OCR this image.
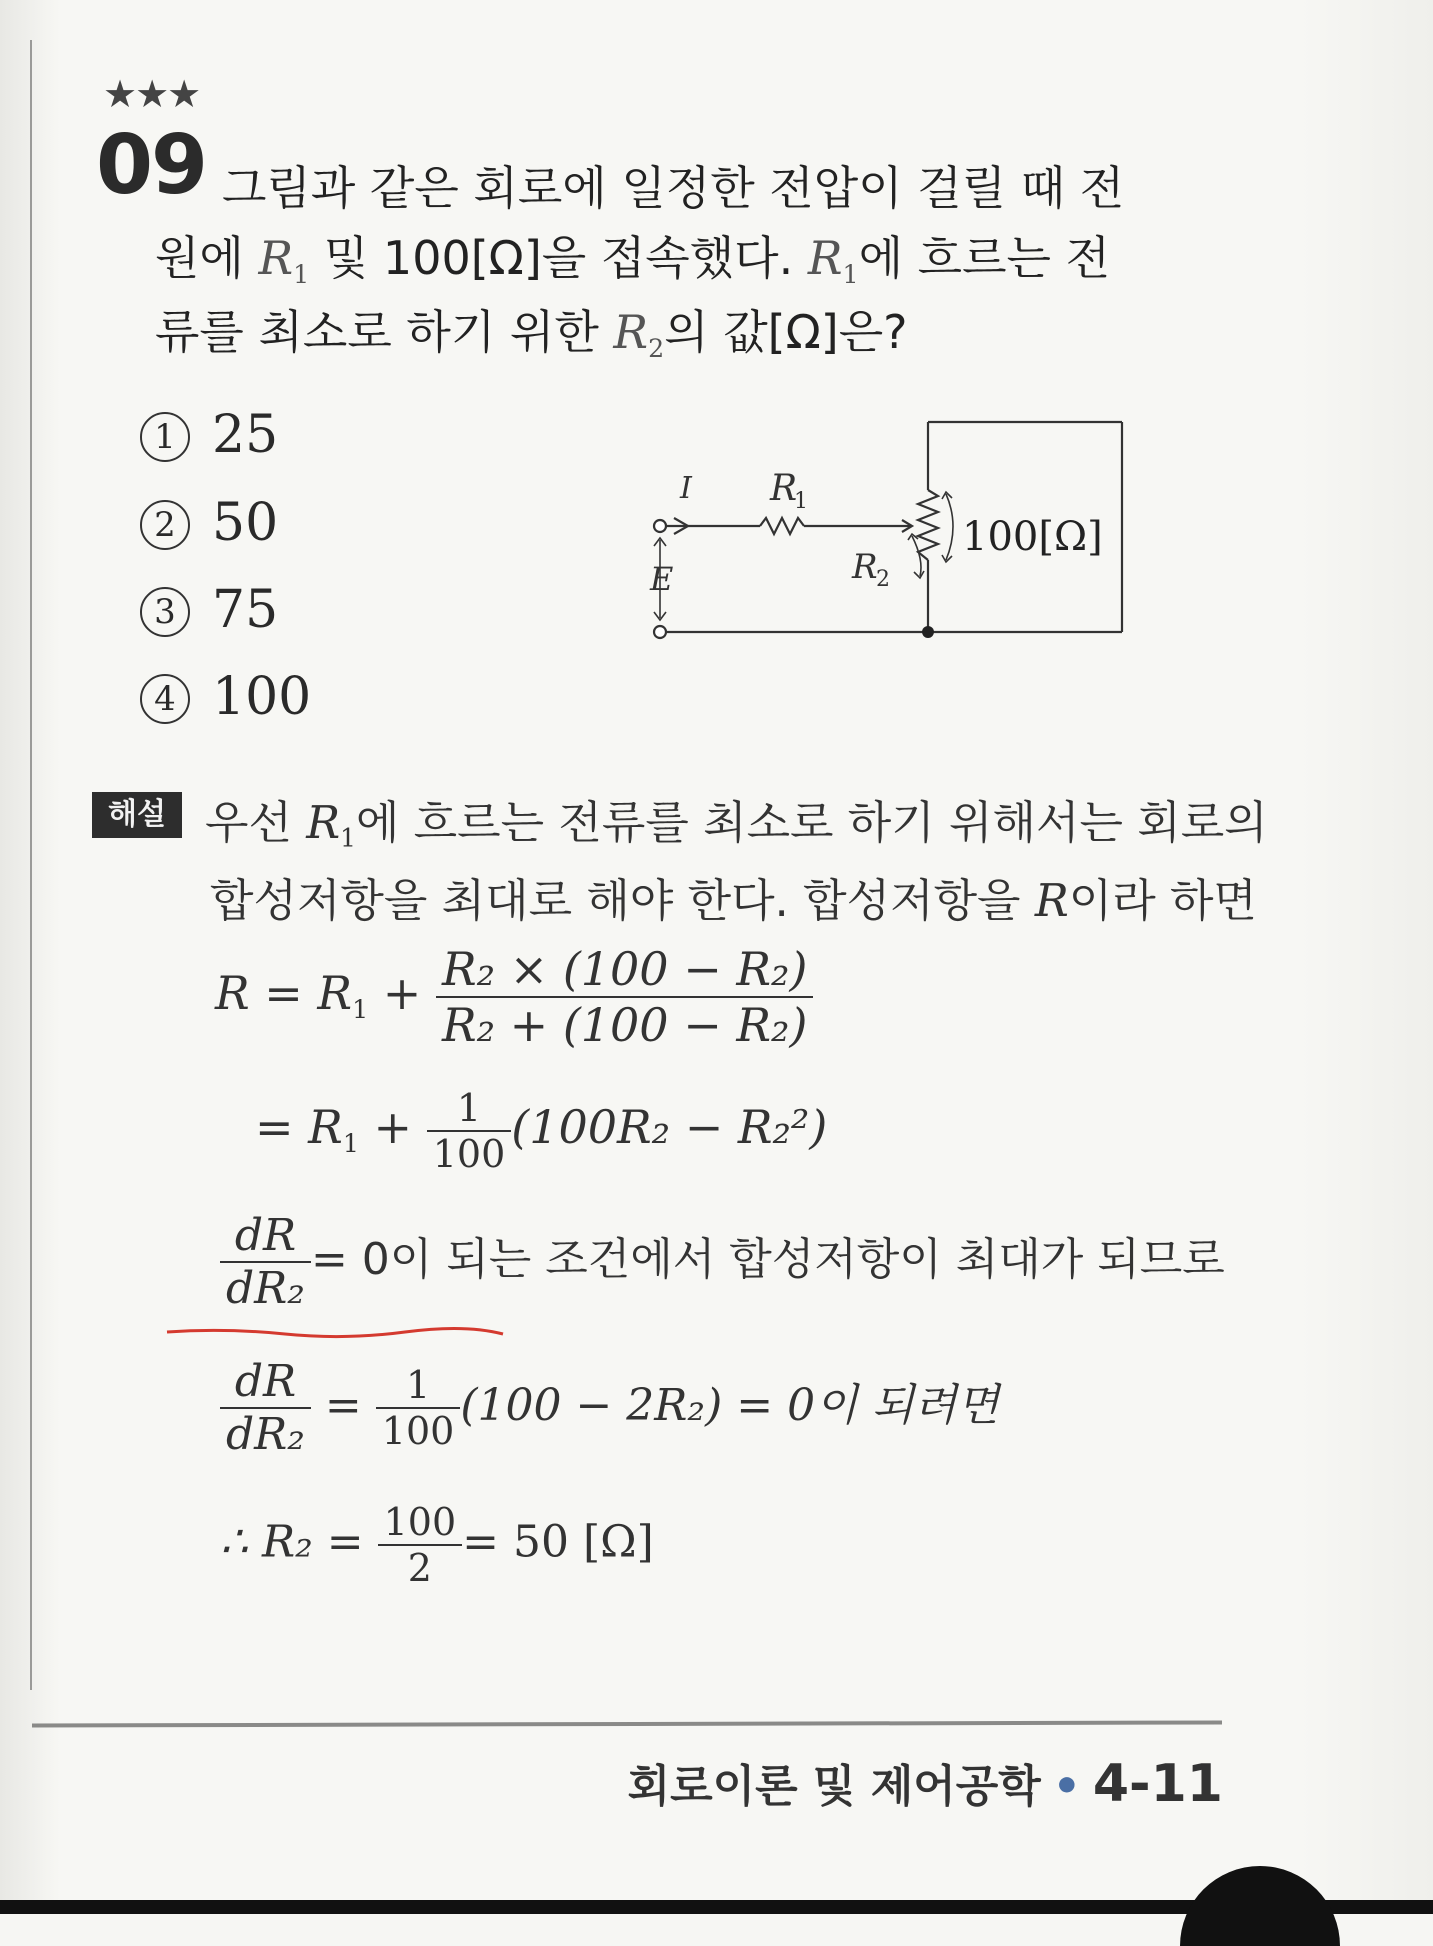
★★★
09 그림과 같은 회로에 일정한 전압이 걸릴 때 전
원에 $R_1$ 및 100[Ω]을 접속했다. $R_1$에 흐르는 전
류를 최소로 하기 위한 $R_2$의 값[Ω]은?
1 25
2 50
3 75
4 100
I R
1
E	R
2
100[Ω]
해설 우선 $R_1$에 흐르는 전류를 최소로 하기 위해서는 회로의
합성저항을 최대로 해야 한다. 합성저항을 R이라 하면
$R = R_1 + \frac{\text{R₂ × (100 − R₂)}}{\text{R₂ + (100 − R₂)}}$
= $R_1 + \frac{1}{100} (100R_2 - R_2^2)$
$\frac{dR}{\text{dR₂}} = 0$이 되는 조건에서 합성저항이 최대가 되므로
$\frac{dR}{\text{dR₂}} = \frac{1}{100} (100 - 2R_2) = 0$이 되려면
∴ $R_2 = \frac{100}{2} = 50$ [Ω]
회로이론 및 제어공학 • 4-11
